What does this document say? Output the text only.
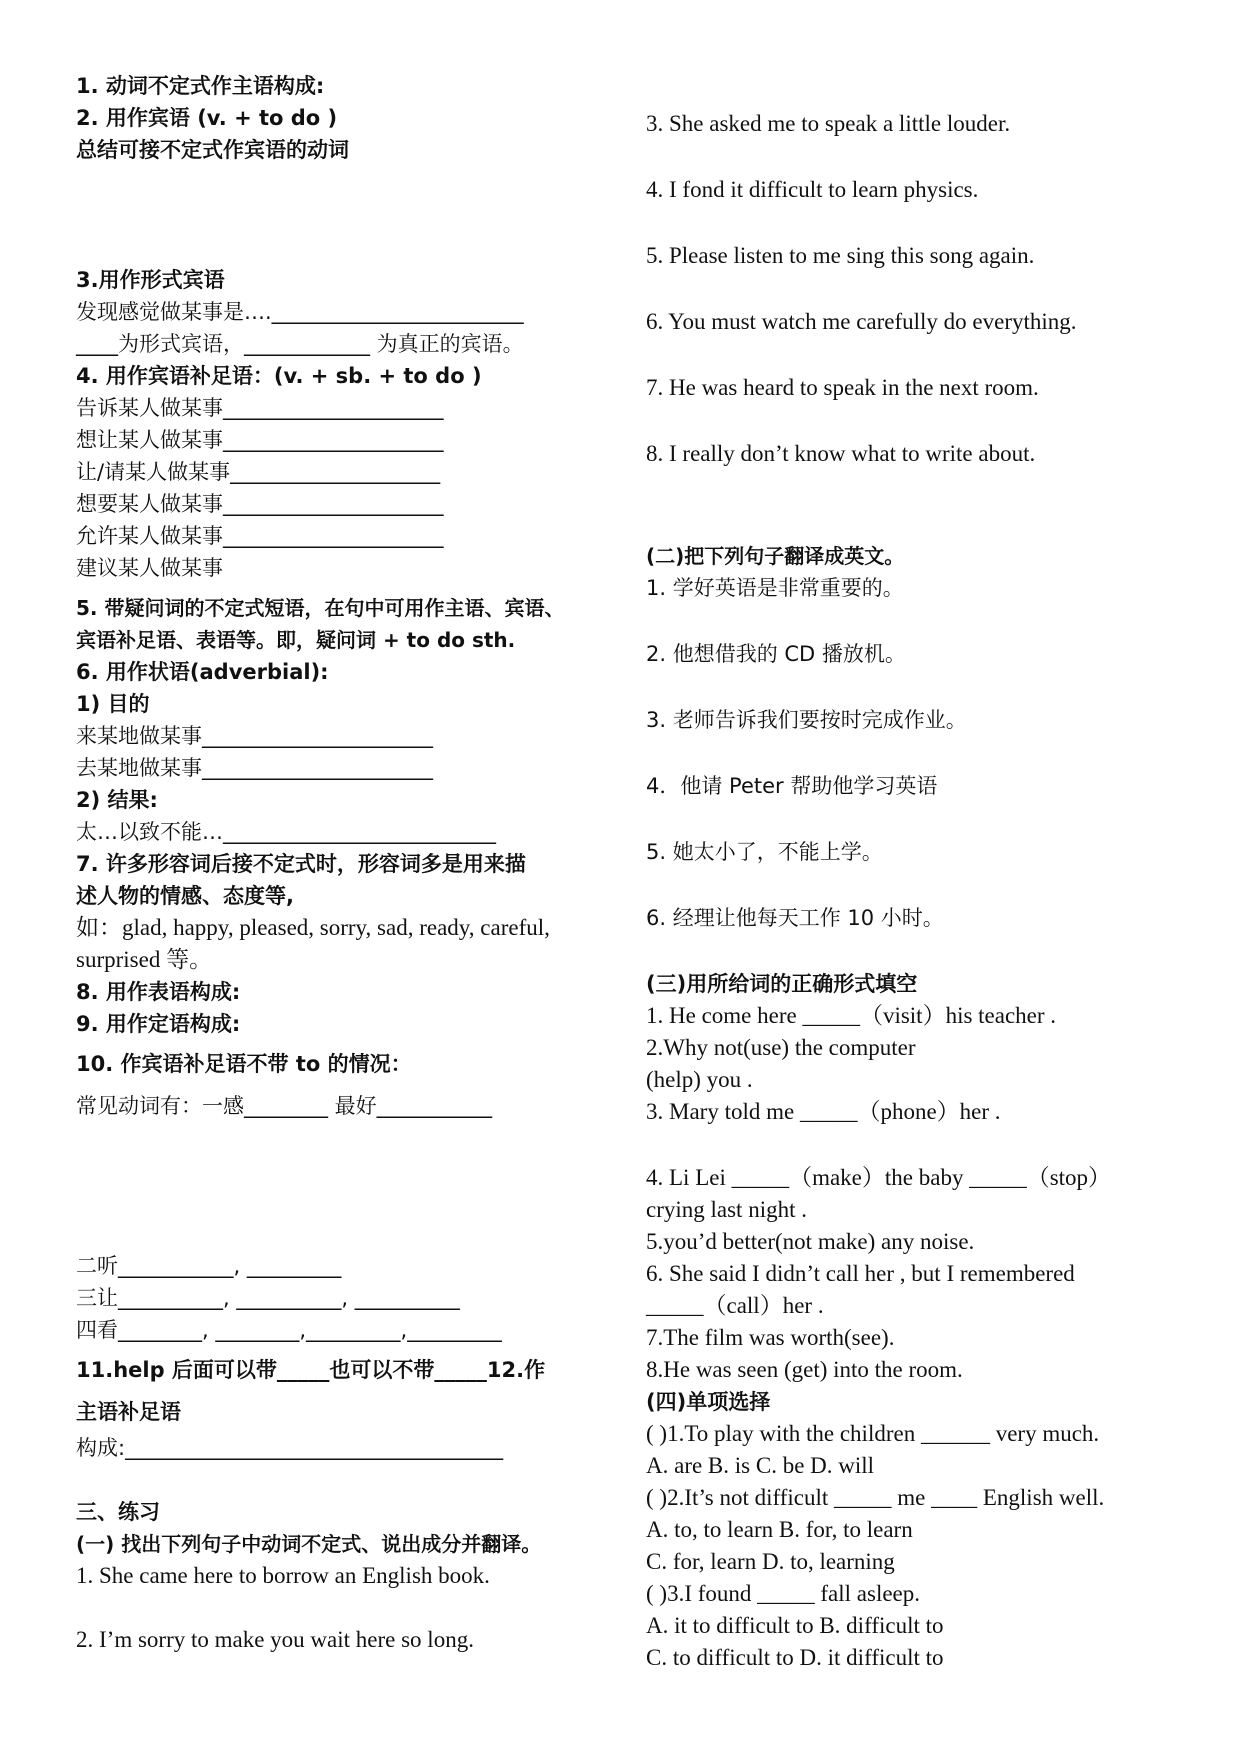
1. 动词不定式作主语构成:
2. 用作宾语 (v. + to do )
总结可接不定式作宾语的动词
3.用作形式宾语
发现感觉做某事是….________________________
____为形式宾语，____________ 为真正的宾语。
4. 用作宾语补足语：(v. + sb. + to do )
告诉某人做某事_____________________
想让某人做某事_____________________
让/请某人做某事____________________
想要某人做某事_____________________
允许某人做某事_____________________
建议某人做某事
5. 带疑问词的不定式短语，在句中可用作主语、宾语、
宾语补足语、表语等。即，疑问词 + to do sth.
6. 用作状语(adverbial):
1) 目的
来某地做某事______________________
去某地做某事______________________
2) 结果:
太…以致不能…__________________________
7. 许多形容词后接不定式时，形容词多是用来描
述人物的情感、态度等,
如：glad, happy, pleased, sorry, sad, ready, careful,
surprised 等。
8. 用作表语构成:
9. 用作定语构成:
10. 作宾语补足语不带 to 的情况：
常见动词有：一感________ 最好___________
二听___________, _________
三让__________, __________, __________
四看________, ________,_________,_________
11.help 后面可以带_____也可以不带_____12.作
主语补足语
构成:____________________________________
三、练习
(一) 找出下列句子中动词不定式、说出成分并翻译。
1. She came here to borrow an English book.
2. I’m sorry to make you wait here so long.
3. She asked me to speak a little louder.
4. I fond it difficult to learn physics.
5. Please listen to me sing this song again.
6. You must watch me carefully do everything.
7. He was heard to speak in the next room.
8. I really don’t know what to write about.
(二)把下列句子翻译成英文。
1. 学好英语是非常重要的。
2. 他想借我的 CD 播放机。
3. 老师告诉我们要按时完成作业。
4．他请 Peter 帮助他学习英语
5. 她太小了，不能上学。
6. 经理让他每天工作 10 小时。
(三)用所给词的正确形式填空
1. He come here _____（visit）his teacher .
2.Why not(use) the computer
(help) you .
3. Mary told me _____（phone）her .
4. Li Lei _____（make）the baby _____（stop）
crying last night .
5.you’d better(not make) any noise.
6. She said I didn’t call her , but I remembered
_____（call）her .
7.The film was worth(see).
8.He was seen (get) into the room.
(四)单项选择
( )1.To play with the children ______ very much.
A. are B. is C. be D. will
( )2.It’s not difficult _____ me ____ English well.
A. to, to learn B. for, to learn
C. for, learn D. to, learning
( )3.I found _____ fall asleep.
A. it to difficult to B. difficult to
C. to difficult to D. it difficult to
